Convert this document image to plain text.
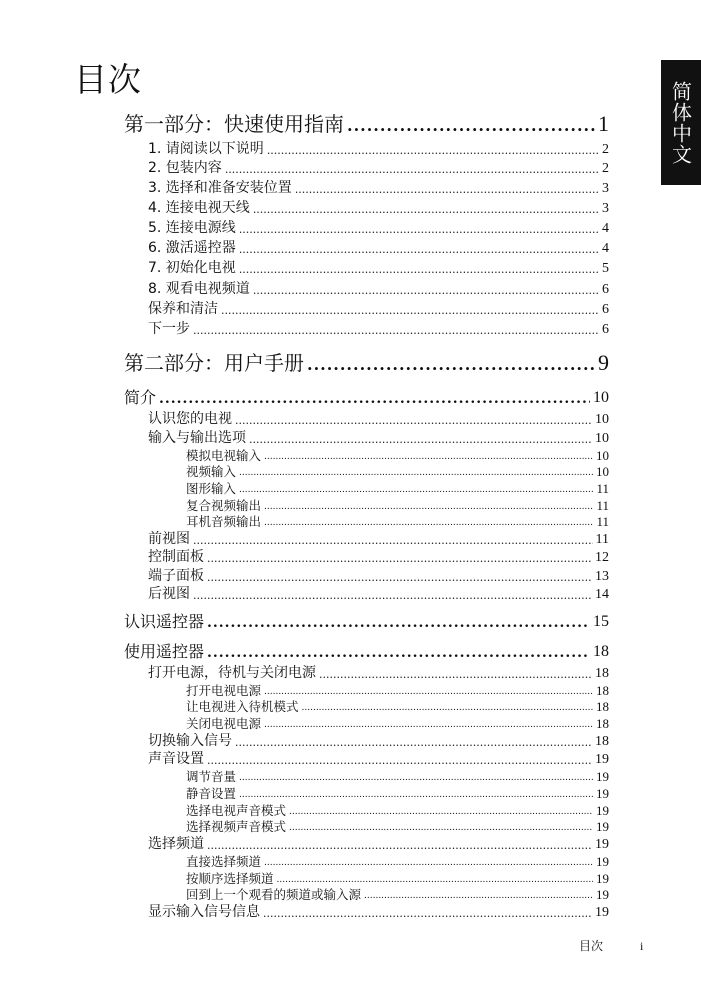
目次
简体中文
第一部分：快速使用指南 .....	1
1. 请阅读以下说明 .....	2
2. 包装内容 .....	2
3. 选择和准备安装位置 .....	3
4. 连接电视天线 .....	3
5. 连接电源线 .....	4
6. 激活遥控器 .....	4
7. 初始化电视 .....	5
8. 观看电视频道 .....	6
保养和清洁 .....	6
下一步 .....	6
第二部分：用户手册 .....	9
简介 .....	10
认识您的电视 .....	10
输入与输出选项 .....	10
模拟电视输入 .....	10
视频输入 .....	10
图形输入 .....	11
复合视频输出 .....	11
耳机音频输出 .....	11
前视图 .....	11
控制面板 .....	12
端子面板 .....	13
后视图 .....	14
认识遥控器 .....	15
使用遥控器 .....	18
打开电源，待机与关闭电源 .....	18
打开电视电源 .....	18
让电视进入待机模式 .....	18
关闭电视电源 .....	18
切换输入信号 .....	18
声音设置 .....	19
调节音量 .....	19
静音设置 .....	19
选择电视声音模式 .....	19
选择视频声音模式 .....	19
选择频道 .....	19
直接选择频道 .....	19
按顺序选择频道 .....	19
回到上一个观看的频道或输入源 .....	19
显示输入信号信息 .....	19
目次	i
